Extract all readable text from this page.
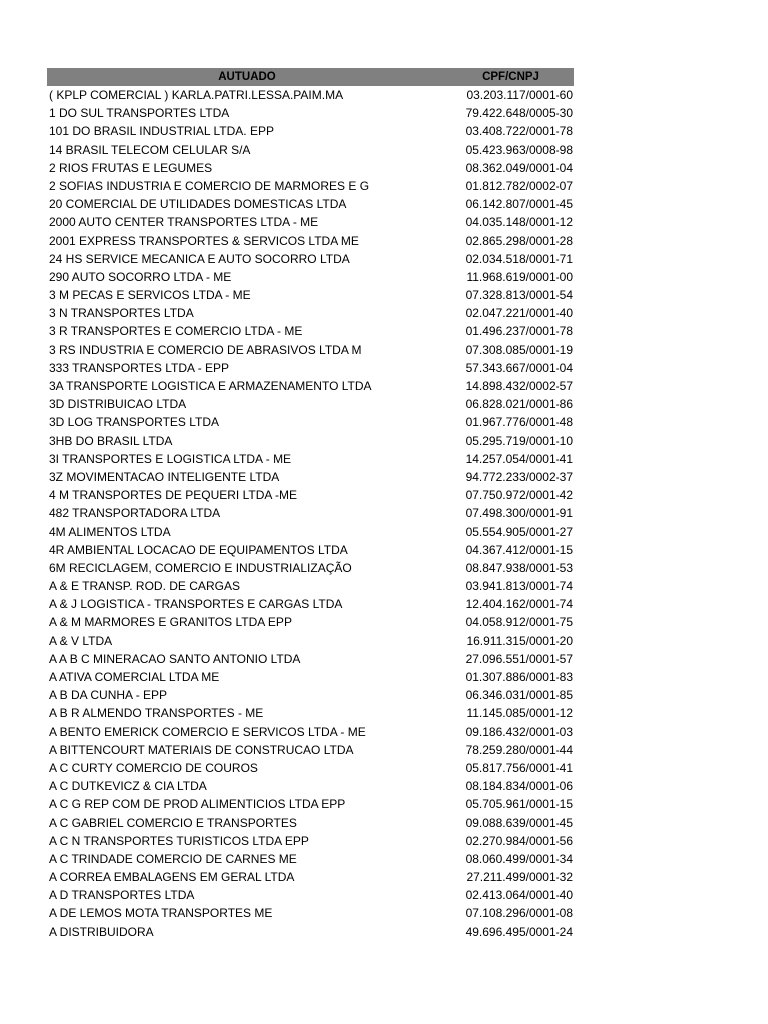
AUTUADO	CPF/CNPJ
( KPLP COMERCIAL ) KARLA.PATRI.LESSA.PAIM.MA	03.203.117/0001-60
1 DO SUL TRANSPORTES LTDA	79.422.648/0005-30
101 DO BRASIL INDUSTRIAL LTDA. EPP	03.408.722/0001-78
14 BRASIL TELECOM CELULAR S/A	05.423.963/0008-98
2 RIOS FRUTAS E LEGUMES	08.362.049/0001-04
2 SOFIAS INDUSTRIA E COMERCIO DE MARMORES E G	01.812.782/0002-07
20 COMERCIAL DE UTILIDADES DOMESTICAS LTDA	06.142.807/0001-45
2000 AUTO CENTER TRANSPORTES LTDA - ME	04.035.148/0001-12
2001 EXPRESS TRANSPORTES & SERVICOS LTDA ME	02.865.298/0001-28
24 HS SERVICE MECANICA E AUTO SOCORRO LTDA	02.034.518/0001-71
290 AUTO SOCORRO LTDA - ME	11.968.619/0001-00
3 M PECAS E SERVICOS LTDA - ME	07.328.813/0001-54
3 N TRANSPORTES LTDA	02.047.221/0001-40
3 R TRANSPORTES E COMERCIO LTDA - ME	01.496.237/0001-78
3 RS INDUSTRIA E COMERCIO DE ABRASIVOS LTDA M	07.308.085/0001-19
333 TRANSPORTES LTDA - EPP	57.343.667/0001-04
3A TRANSPORTE LOGISTICA E ARMAZENAMENTO LTDA	14.898.432/0002-57
3D DISTRIBUICAO LTDA	06.828.021/0001-86
3D LOG TRANSPORTES LTDA	01.967.776/0001-48
3HB DO BRASIL LTDA	05.295.719/0001-10
3I TRANSPORTES E LOGISTICA LTDA - ME	14.257.054/0001-41
3Z MOVIMENTACAO INTELIGENTE LTDA	94.772.233/0002-37
4 M TRANSPORTES DE PEQUERI LTDA -ME	07.750.972/0001-42
482 TRANSPORTADORA LTDA	07.498.300/0001-91
4M ALIMENTOS LTDA	05.554.905/0001-27
4R AMBIENTAL LOCACAO DE EQUIPAMENTOS LTDA	04.367.412/0001-15
6M RECICLAGEM, COMERCIO E INDUSTRIALIZAÇÃO	08.847.938/0001-53
A & E TRANSP. ROD. DE CARGAS	03.941.813/0001-74
A & J LOGISTICA - TRANSPORTES E CARGAS LTDA	12.404.162/0001-74
A & M MARMORES E GRANITOS LTDA EPP	04.058.912/0001-75
A & V LTDA	16.911.315/0001-20
A A B C MINERACAO SANTO ANTONIO LTDA	27.096.551/0001-57
A ATIVA COMERCIAL LTDA ME	01.307.886/0001-83
A B DA CUNHA - EPP	06.346.031/0001-85
A B R ALMENDO TRANSPORTES - ME	11.145.085/0001-12
A BENTO EMERICK COMERCIO E SERVICOS LTDA - ME	09.186.432/0001-03
A BITTENCOURT MATERIAIS DE CONSTRUCAO LTDA	78.259.280/0001-44
A C CURTY COMERCIO DE COUROS	05.817.756/0001-41
A C DUTKEVICZ & CIA LTDA	08.184.834/0001-06
A C G REP COM DE PROD ALIMENTICIOS LTDA EPP	05.705.961/0001-15
A C GABRIEL COMERCIO E TRANSPORTES	09.088.639/0001-45
A C N TRANSPORTES TURISTICOS LTDA EPP	02.270.984/0001-56
A C TRINDADE COMERCIO DE CARNES ME	08.060.499/0001-34
A CORREA EMBALAGENS EM GERAL LTDA	27.211.499/0001-32
A D TRANSPORTES LTDA	02.413.064/0001-40
A DE LEMOS MOTA TRANSPORTES ME	07.108.296/0001-08
A DISTRIBUIDORA	49.696.495/0001-24
